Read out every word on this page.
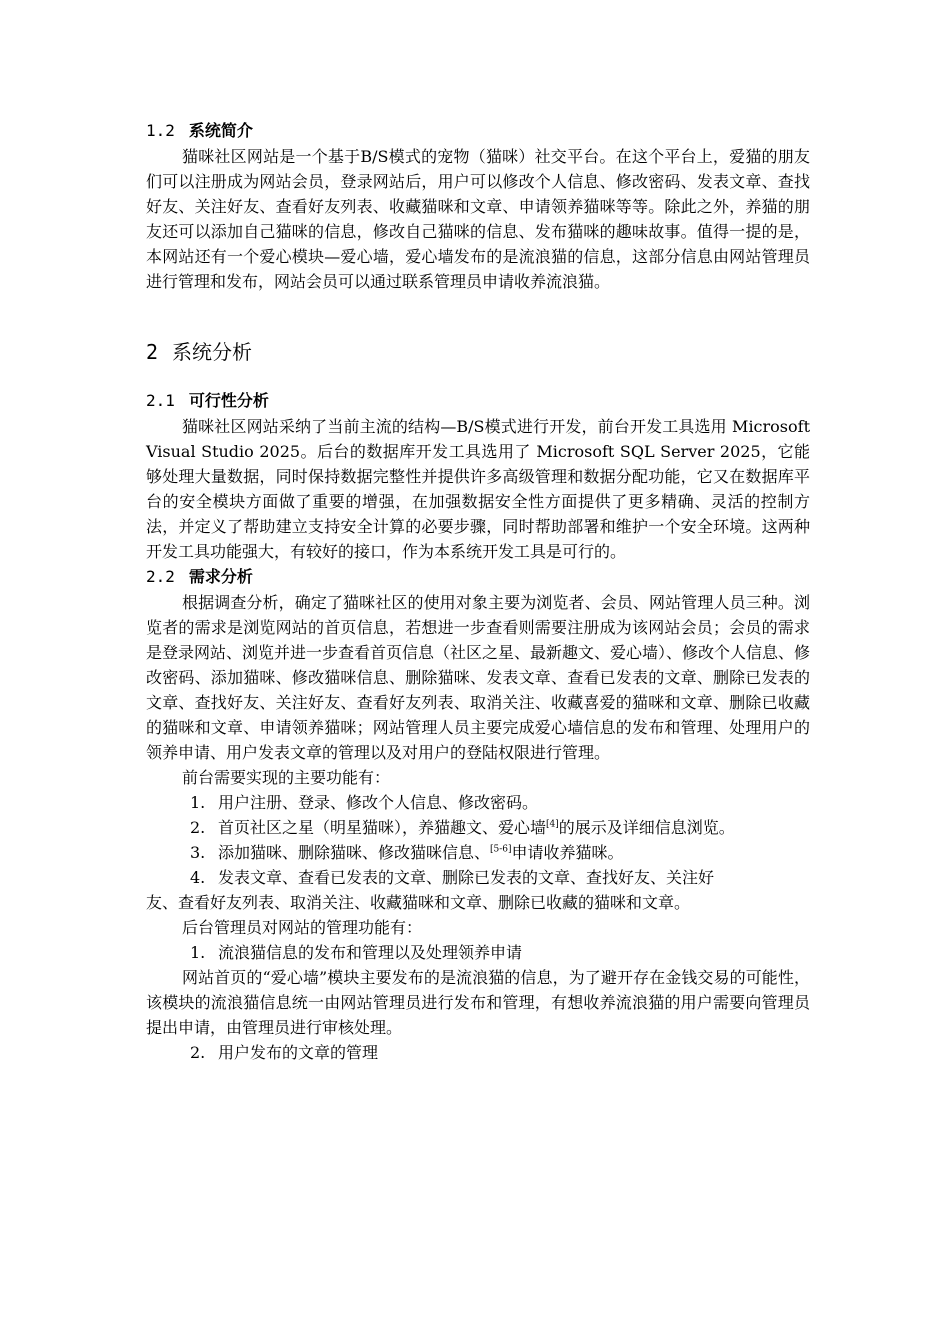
1.2 系统简介

猫咪社区网站是一个基于B/S模式的宠物（猫咪）社交平台。在这个平台上，爱猫的朋友们可以注册成为网站会员，登录网站后，用户可以修改个人信息、修改密码、发表文章、查找好友、关注好友、查看好友列表、收藏猫咪和文章、申请领养猫咪等等。除此之外，养猫的朋友还可以添加自己猫咪的信息，修改自己猫咪的信息、发布猫咪的趣味故事。值得一提的是，本网站还有一个爱心模块—爱心墙，爱心墙发布的是流浪猫的信息，这部分信息由网站管理员进行管理和发布，网站会员可以通过联系管理员申请收养流浪猫。

2 系统分析
2.1 可行性分析

猫咪社区网站采纳了当前主流的结构—B/S模式进行开发，前台开发工具选用 Microsoft Visual Studio 2025。后台的数据库开发工具选用了 Microsoft SQL Server 2025，它能够处理大量数据，同时保持数据完整性并提供许多高级管理和数据分配功能，它又在数据库平台的安全模块方面做了重要的增强，在加强数据安全性方面提供了更多精确、灵活的控制方法，并定义了帮助建立支持安全计算的必要步骤，同时帮助部署和维护一个安全环境。这两种开发工具功能强大，有较好的接口，作为本系统开发工具是可行的。

2.2 需求分析

根据调查分析，确定了猫咪社区的使用对象主要为浏览者、会员、网站管理人员三种。浏览者的需求是浏览网站的首页信息，若想进一步查看则需要注册成为该网站会员；会员的需求是登录网站、浏览并进一步查看首页信息（社区之星、最新趣文、爱心墙）、修改个人信息、修改密码、添加猫咪、修改猫咪信息、删除猫咪、发表文章、查看已发表的文章、删除已发表的文章、查找好友、关注好友、查看好友列表、取消关注、收藏喜爱的猫咪和文章、删除已收藏的猫咪和文章、申请领养猫咪；网站管理人员主要完成爱心墙信息的发布和管理、处理用户的领养申请、用户发表文章的管理以及对用户的登陆权限进行管理。

前台需要实现的主要功能有：

1. 用户注册、登录、修改个人信息、修改密码。

2. 首页社区之星（明星猫咪），养猫趣文、爱心墙[4]的展示及详细信息浏览。

3. 添加猫咪、删除猫咪、修改猫咪信息、[5-6]申请收养猫咪。

4. 发表文章、查看已发表的文章、删除已发表的文章、查找好友、关注好

友、查看好友列表、取消关注、收藏猫咪和文章、删除已收藏的猫咪和文章。

后台管理员对网站的管理功能有：

1. 流浪猫信息的发布和管理以及处理领养申请

网站首页的“爱心墙”模块主要发布的是流浪猫的信息，为了避开存在金钱交易的可能性，该模块的流浪猫信息统一由网站管理员进行发布和管理，有想收养流浪猫的用户需要向管理员提出申请，由管理员进行审核处理。

2. 用户发布的文章的管理
